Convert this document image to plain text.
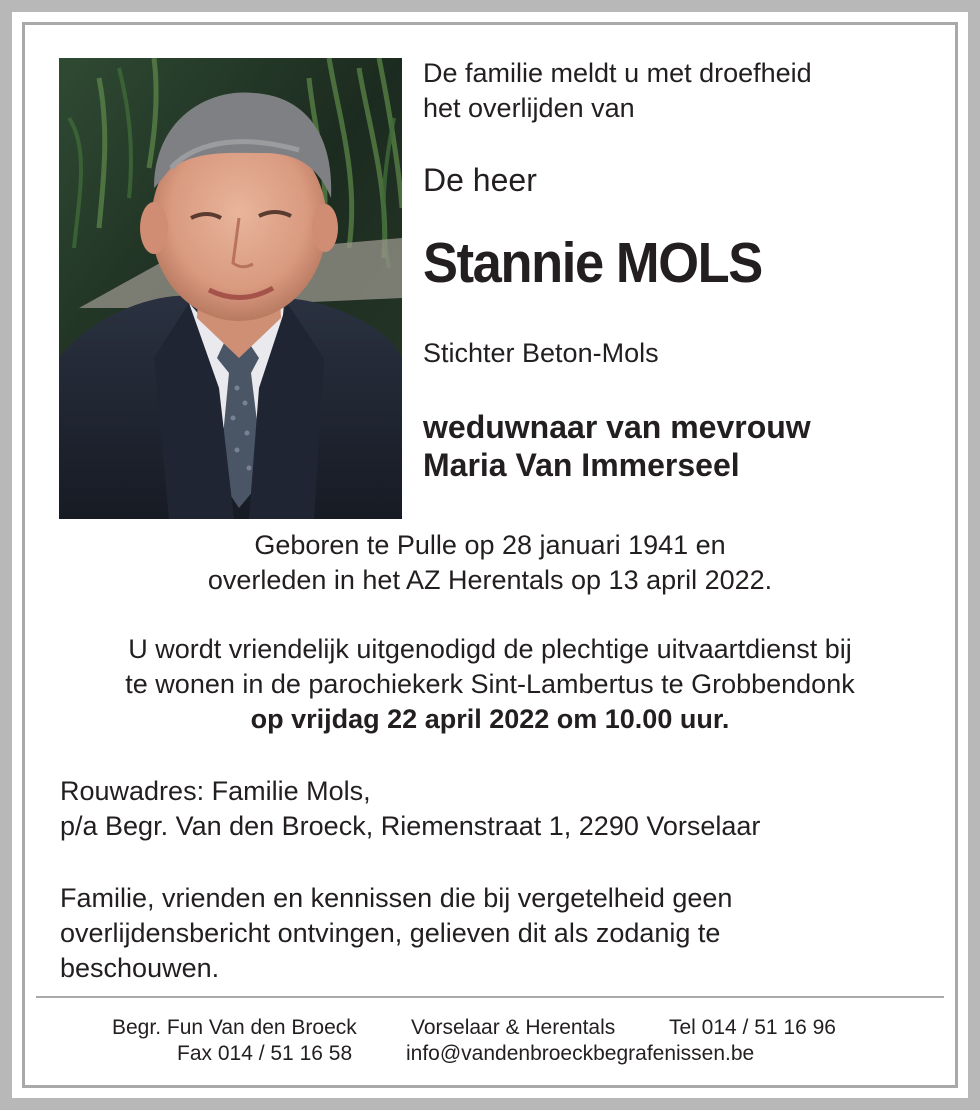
De familie meldt u met droefheid
het overlijden van

De heer

Stannie MOLS

Stichter Beton-Mols

weduwnaar van mevrouw
Maria Van Immerseel

Geboren te Pulle op 28 januari 1941 en
overleden in het AZ Herentals op 13 april 2022.

U wordt vriendelijk uitgenodigd de plechtige uitvaartdienst bij
te wonen in de parochiekerk Sint-Lambertus te Grobbendonk
op vrijdag 22 april 2022 om 10.00 uur.

Rouwadres: Familie Mols,
p/a Begr. Van den Broeck, Riemenstraat 1, 2290 Vorselaar

Familie, vrienden en kennissen die bij vergetelheid geen
overlijdensbericht ontvingen, gelieven dit als zodanig te
beschouwen.

Begr. Fun Van den Broeck	Vorselaar & Herentals	Tel 014 / 51 16 96
Fax 014 / 51 16 58	info@vandenbroeckbegrafenissen.be
